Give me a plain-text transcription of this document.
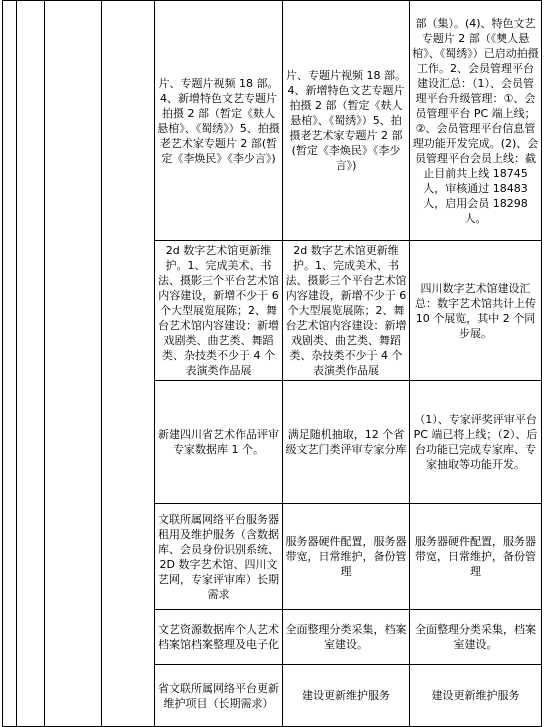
				片、专题片视频 18 部。4、新增特色文艺专题片拍摄 2 部（暂定《麸人悬棺》、《蜀绣》）5、拍摄老艺术家专题片 2 部(暂定《李焕民》《李少言》)	片、专题片视频 18 部。4、新增特色文艺专题片拍摄 2 部（暂定《麸人悬棺》、《蜀绣》）5、拍摄老艺术家专题片 2 部(暂定《李焕民》《李少言》)	部（集）。(4)、特色文艺专题片 2 部（《僰人悬棺》、《蜀绣》）已启动拍摄工作。2、会员管理平台建设汇总：（1）、会员管理平台升级管理：①、会员管理平台 PC 端上线；②、会员管理平台信息管理功能开发完成。(2)、会员管理平台会员上线：截止目前共上线 18745 人，审核通过 18483 人，启用会员 18298 人。
				2d 数字艺术馆更新维护。1、完成美术、书法、摄影三个平台艺术馆内容建设，新增不少于 6 个大型展览展陈；2、舞台艺术馆内容建设：新增戏剧类、曲艺类、舞蹈类、杂技类不少于 4 个表演类作品展	2d 数字艺术馆更新维护。1、完成美术、书法、摄影三个平台艺术馆内容建设，新增不少于 6 个大型展览展陈；2、舞台艺术馆内容建设：新增戏剧类、曲艺类、舞蹈类、杂技类不少于 4 个表演类作品展	四川数字艺术馆建设汇总：数字艺术馆共计上传 10 个展览，其中 2 个同步展。
				新建四川省艺术作品评审专家数据库 1 个。	满足随机抽取，12 个省级文艺门类评审专家分库	（1）、专家评奖评审平台 PC 端已将上线；（2）、后台功能已完成专家库、专家抽取等功能开发。
				文联所属网络平台服务器租用及维护服务（含数据库、会员身份识别系统、2D 数字艺术馆、四川文艺网，专家评审库）长期需求	服务器硬件配置，服务器带宽，日常维护，备份管理	服务器硬件配置，服务器带宽，日常维护，备份管理
				文艺资源数据库个人艺术档案馆档案整理及电子化	全面整理分类采集，档案室建设。	全面整理分类采集，档案室建设。
				省文联所属网络平台更新维护项目（长期需求）	建设更新维护服务	建设更新维护服务
